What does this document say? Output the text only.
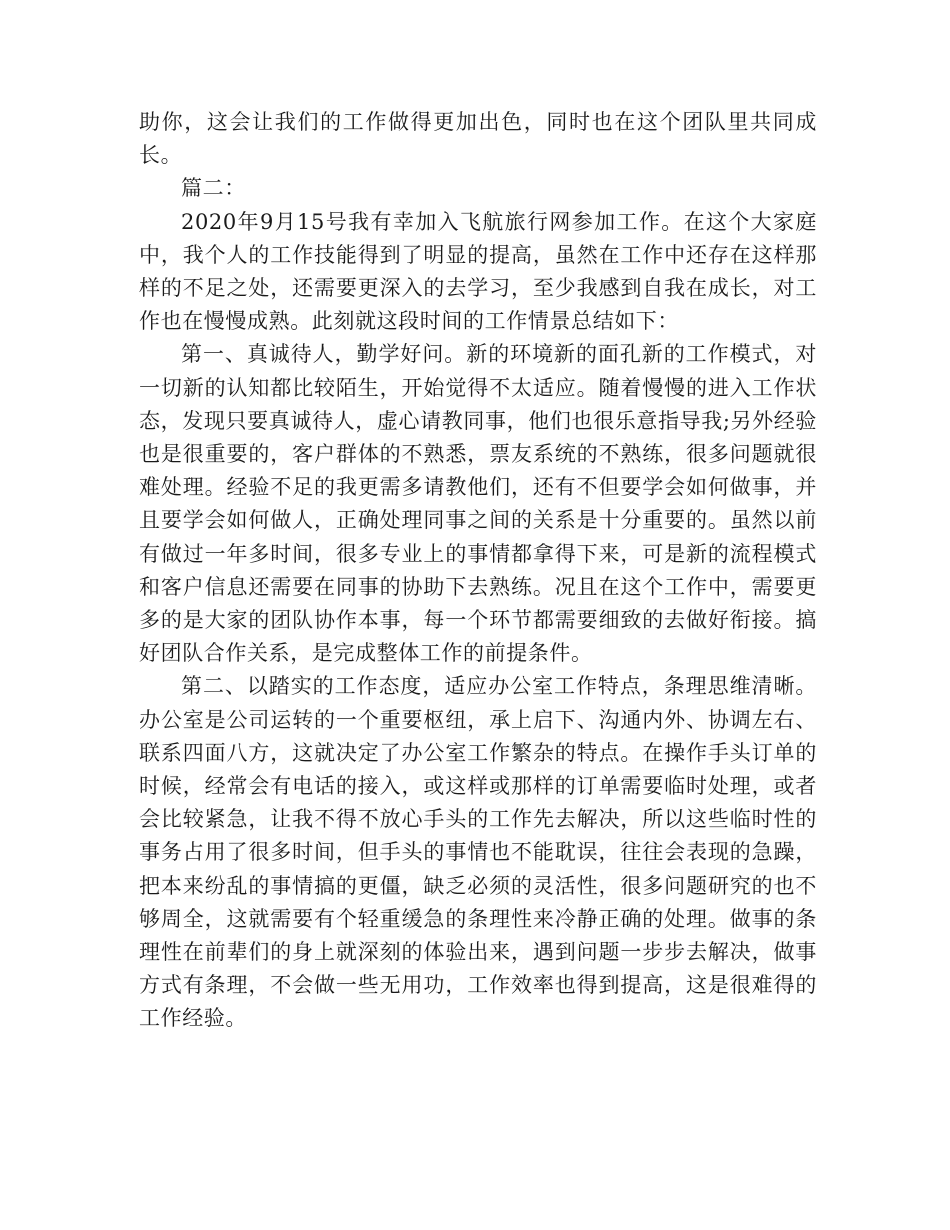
助你，这会让我们的工作做得更加出色，同时也在这个团队里共同成长。

篇二：

2020年9月15号我有幸加入飞航旅行网参加工作。在这个大家庭中，我个人的工作技能得到了明显的提高，虽然在工作中还存在这样那样的不足之处，还需要更深入的去学习，至少我感到自我在成长，对工作也在慢慢成熟。此刻就这段时间的工作情景总结如下：

第一、真诚待人，勤学好问。新的环境新的面孔新的工作模式，对一切新的认知都比较陌生，开始觉得不太适应。随着慢慢的进入工作状态，发现只要真诚待人，虚心请教同事，他们也很乐意指导我;另外经验也是很重要的，客户群体的不熟悉，票友系统的不熟练，很多问题就很难处理。经验不足的我更需多请教他们，还有不但要学会如何做事，并且要学会如何做人，正确处理同事之间的关系是十分重要的。虽然以前有做过一年多时间，很多专业上的事情都拿得下来，可是新的流程模式和客户信息还需要在同事的协助下去熟练。况且在这个工作中，需要更多的是大家的团队协作本事，每一个环节都需要细致的去做好衔接。搞好团队合作关系，是完成整体工作的前提条件。

第二、以踏实的工作态度，适应办公室工作特点，条理思维清晰。办公室是公司运转的一个重要枢纽，承上启下、沟通内外、协调左右、联系四面八方，这就决定了办公室工作繁杂的特点。在操作手头订单的时候，经常会有电话的接入，或这样或那样的订单需要临时处理，或者会比较紧急，让我不得不放心手头的工作先去解决，所以这些临时性的事务占用了很多时间，但手头的事情也不能耽误，往往会表现的急躁，把本来纷乱的事情搞的更僵，缺乏必须的灵活性，很多问题研究的也不够周全，这就需要有个轻重缓急的条理性来冷静正确的处理。做事的条理性在前辈们的身上就深刻的体验出来，遇到问题一步步去解决，做事方式有条理，不会做一些无用功，工作效率也得到提高，这是很难得的工作经验。
